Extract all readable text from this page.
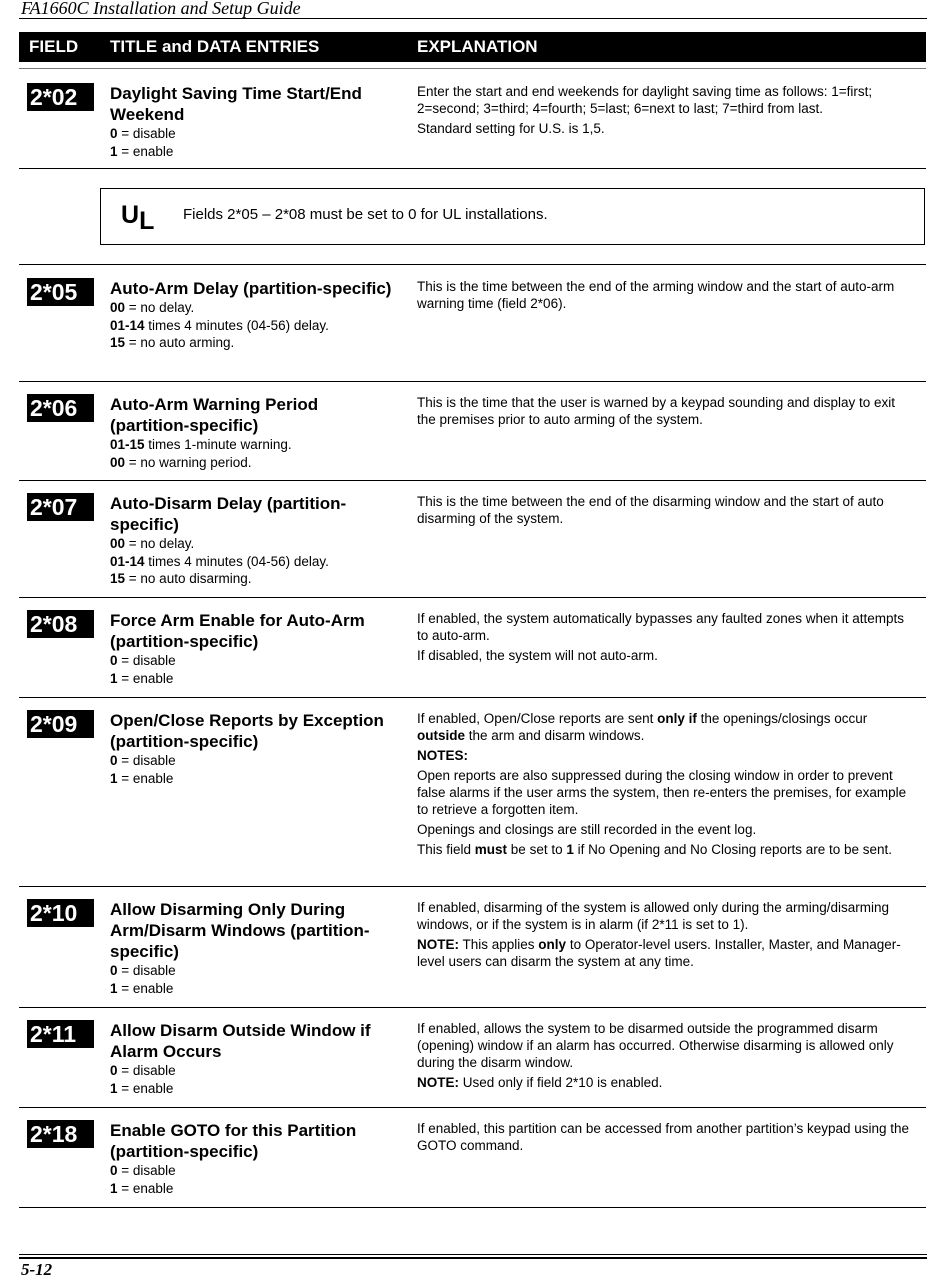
FA1660C Installation and Setup Guide
FIELD TITLE and DATA ENTRIES	EXPLANATION
2*02	Daylight Saving Time Start/End Weekend
0 = disable
1 = enable

Enter the start and end weekends for daylight saving time as follows: 1=first; 2=second; 3=third; 4=fourth; 5=last; 6=next to last; 7=third from last.

Standard setting for U.S. is 1,5.

UL Fields 2*05 – 2*08 must be set to 0 for UL installations.
2*05	Auto-Arm Delay (partition-specific)
00 = no delay.
01-14 times 4 minutes (04-56) delay.
15 = no auto arming.

This is the time between the end of the arming window and the start of auto-arm warning time (field 2*06).

2*06	Auto-Arm Warning Period (partition-specific)
01-15 times 1-minute warning.
00 = no warning period.

This is the time that the user is warned by a keypad sounding and display to exit the premises prior to auto arming of the system.

2*07	Auto-Disarm Delay (partition-specific)
00 = no delay.
01-14 times 4 minutes (04-56) delay.
15 = no auto disarming.

This is the time between the end of the disarming window and the start of auto disarming of the system.

2*08	Force Arm Enable for Auto-Arm (partition-specific)
0 = disable
1 = enable

If enabled, the system automatically bypasses any faulted zones when it attempts to auto-arm.

If disabled, the system will not auto-arm.

2*09	Open/Close Reports by Exception (partition-specific)
0 = disable
1 = enable

If enabled, Open/Close reports are sent only if the openings/closings occur outside the arm and disarm windows.

NOTES:

Open reports are also suppressed during the closing window in order to prevent false alarms if the user arms the system, then re-enters the premises, for example to retrieve a forgotten item.

Openings and closings are still recorded in the event log.

This field must be set to 1 if No Opening and No Closing reports are to be sent.

2*10	Allow Disarming Only During Arm/Disarm Windows (partition-specific)
0 = disable
1 = enable

If enabled, disarming of the system is allowed only during the arming/disarming windows, or if the system is in alarm (if 2*11 is set to 1).

NOTE: This applies only to Operator-level users. Installer, Master, and Manager-level users can disarm the system at any time.

2*11	Allow Disarm Outside Window if Alarm Occurs
0 = disable
1 = enable

If enabled, allows the system to be disarmed outside the programmed disarm (opening) window if an alarm has occurred. Otherwise disarming is allowed only during the disarm window.

NOTE: Used only if field 2*10 is enabled.

2*18	Enable GOTO for this Partition (partition-specific)
0 = disable
1 = enable

If enabled, this partition can be accessed from another partition’s keypad using the GOTO command.

5-12
